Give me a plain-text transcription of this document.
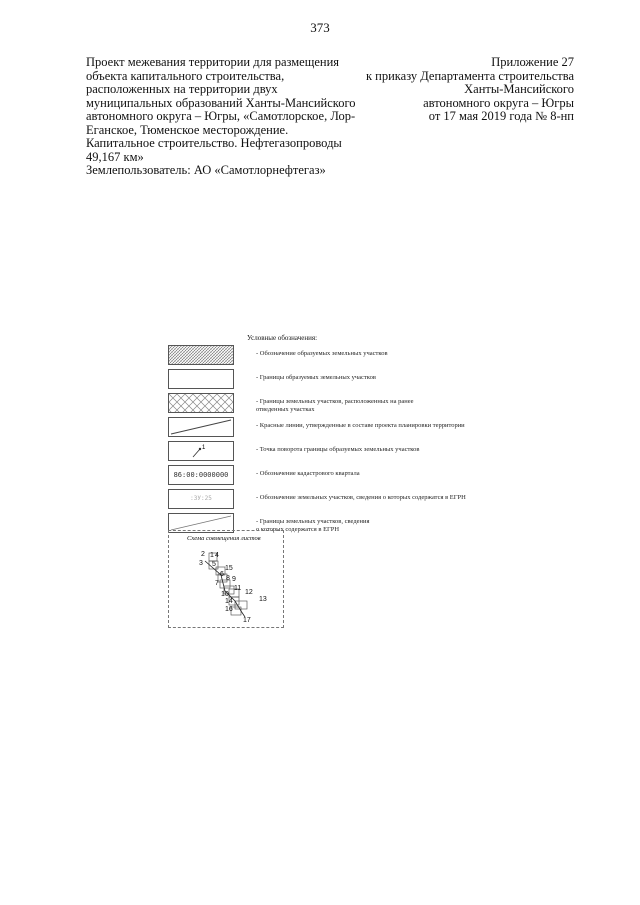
373
Проект межевания территории для размещения
объекта капитального строительства,
расположенных на территории двух
муниципальных образований Ханты-Мансийского
автономного округа – Югры, «Самотлорское, Лор-
Еганское, Тюменское месторождение.
Капитальное строительство. Нефтегазопроводы
49,167 км»
Землепользователь: АО «Самотлорнефтегаз»
Приложение 27
к приказу Департамента строительства
Ханты-Мансийского
автономного округа – Югры
от 17 мая 2019 года № 8-нп
Условные обозначения:
- Обозначение образуемых земельных участков
- Границы образуемых земельных участков
- Границы земельных участков, расположенных на ранее
отведенных участках
- Красные линии, утвержденные в составе проекта планировки территории
1	- Точка поворота границы образуемых земельных участков
86:00:0000000	- Обозначение кадастрового квартала
:ЗУ:25	- Обозначение земельных участков, сведения о которых содержатся в ЕГРН
- Границы земельных участков, сведения
о которых содержатся в ЕГРН
Схема совмещения листов
2 1 4
3 5
15
6
8 9
7
11
10 12
13
14
16
17
